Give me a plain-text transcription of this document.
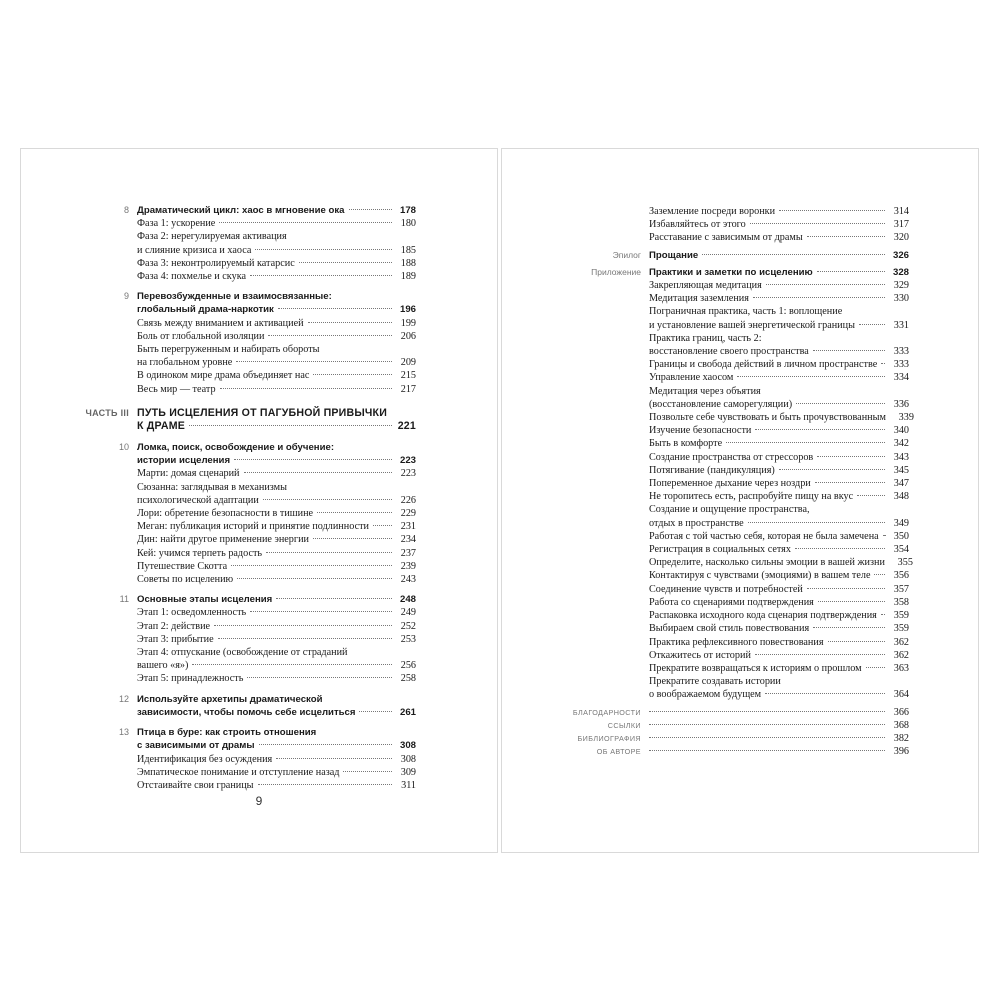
8 Драматический цикл: хаос в мгновение ока	178
Фаза 1: ускорение	180
Фаза 2: нерегулируемая активация
и слияние кризиса и хаоса	185
Фаза 3: неконтролируемый катарсис	188
Фаза 4: похмелье и скука	189
9 Перевозбужденные и взаимосвязанные:
глобальный драма-наркотик	196
Связь между вниманием и активацией	199
Боль от глобальной изоляции	206
Быть перегруженным и набирать обороты
на глобальном уровне	209
В одиноком мире драма объединяет нас	215
Весь мир — театр	217
ЧАСТЬ III ПУТЬ ИСЦЕЛЕНИЯ ОТ ПАГУБНОЙ ПРИВЫЧКИ
К ДРАМЕ	221
10 Ломка, поиск, освобождение и обучение:
истории исцеления	223
Марти: домая сценарий	223
Сюзанна: заглядывая в механизмы
психологической адаптации	226
Лори: обретение безопасности в тишине	229
Меган: публикация историй и принятие подлинности	231
Дин: найти другое применение энергии	234
Кей: учимся терпеть радость	237
Путешествие Скотта	239
Советы по исцелению	243
11 Основные этапы исцеления	248
Этап 1: осведомленность	249
Этап 2: действие	252
Этап 3: прибытие	253
Этап 4: отпускание (освобождение от страданий
вашего «я»)	256
Этап 5: принадлежность	258
12 Используйте архетипы драматической
зависимости, чтобы помочь себе исцелиться	261
13 Птица в буре: как строить отношения
с зависимыми от драмы	308
Идентификация без осуждения	308
Эмпатическое понимание и отступление назад	309
Отстаивайте свои границы	311
9
Заземление посреди воронки	314
Избавляйтесь от этого	317
Расставание с зависимым от драмы	320
Эпилог Прощание	326
Приложение Практики и заметки по исцелению	328
Закрепляющая медитация	329
Медитация заземления	330
Пограничная практика, часть 1: воплощение
и установление вашей энергетической границы	331
Практика границ, часть 2:
восстановление своего пространства	333
Границы и свобода действий в личном пространстве	333
Управление хаосом	334
Медитация через объятия
(восстановление саморегуляции)	336
Позвольте себе чувствовать и быть прочувствованным	339
Изучение безопасности	340
Быть в комфорте	342
Создание пространства от стрессоров	343
Потягивание (пандикуляция)	345
Попеременное дыхание через ноздри	347
Не торопитесь есть, распробуйте пищу на вкус	348
Создание и ощущение пространства,
отдых в пространстве	349
Работая с той частью себя, которая не была замечена	350
Регистрация в социальных сетях	354
Определите, насколько сильны эмоции в вашей жизни	355
Контактируя с чувствами (эмоциями) в вашем теле	356
Соединение чувств и потребностей	357
Работа со сценариями подтверждения	358
Распаковка исходного кода сценария подтверждения	359
Выбираем свой стиль повествования	359
Практика рефлексивного повествования	362
Откажитесь от историй	362
Прекратите возвращаться к историям о прошлом	363
Прекратите создавать истории
о воображаемом будущем	364
БЛАГОДАРНОСТИ	366
ССЫЛКИ	368
БИБЛИОГРАФИЯ	382
ОБ АВТОРЕ	396
